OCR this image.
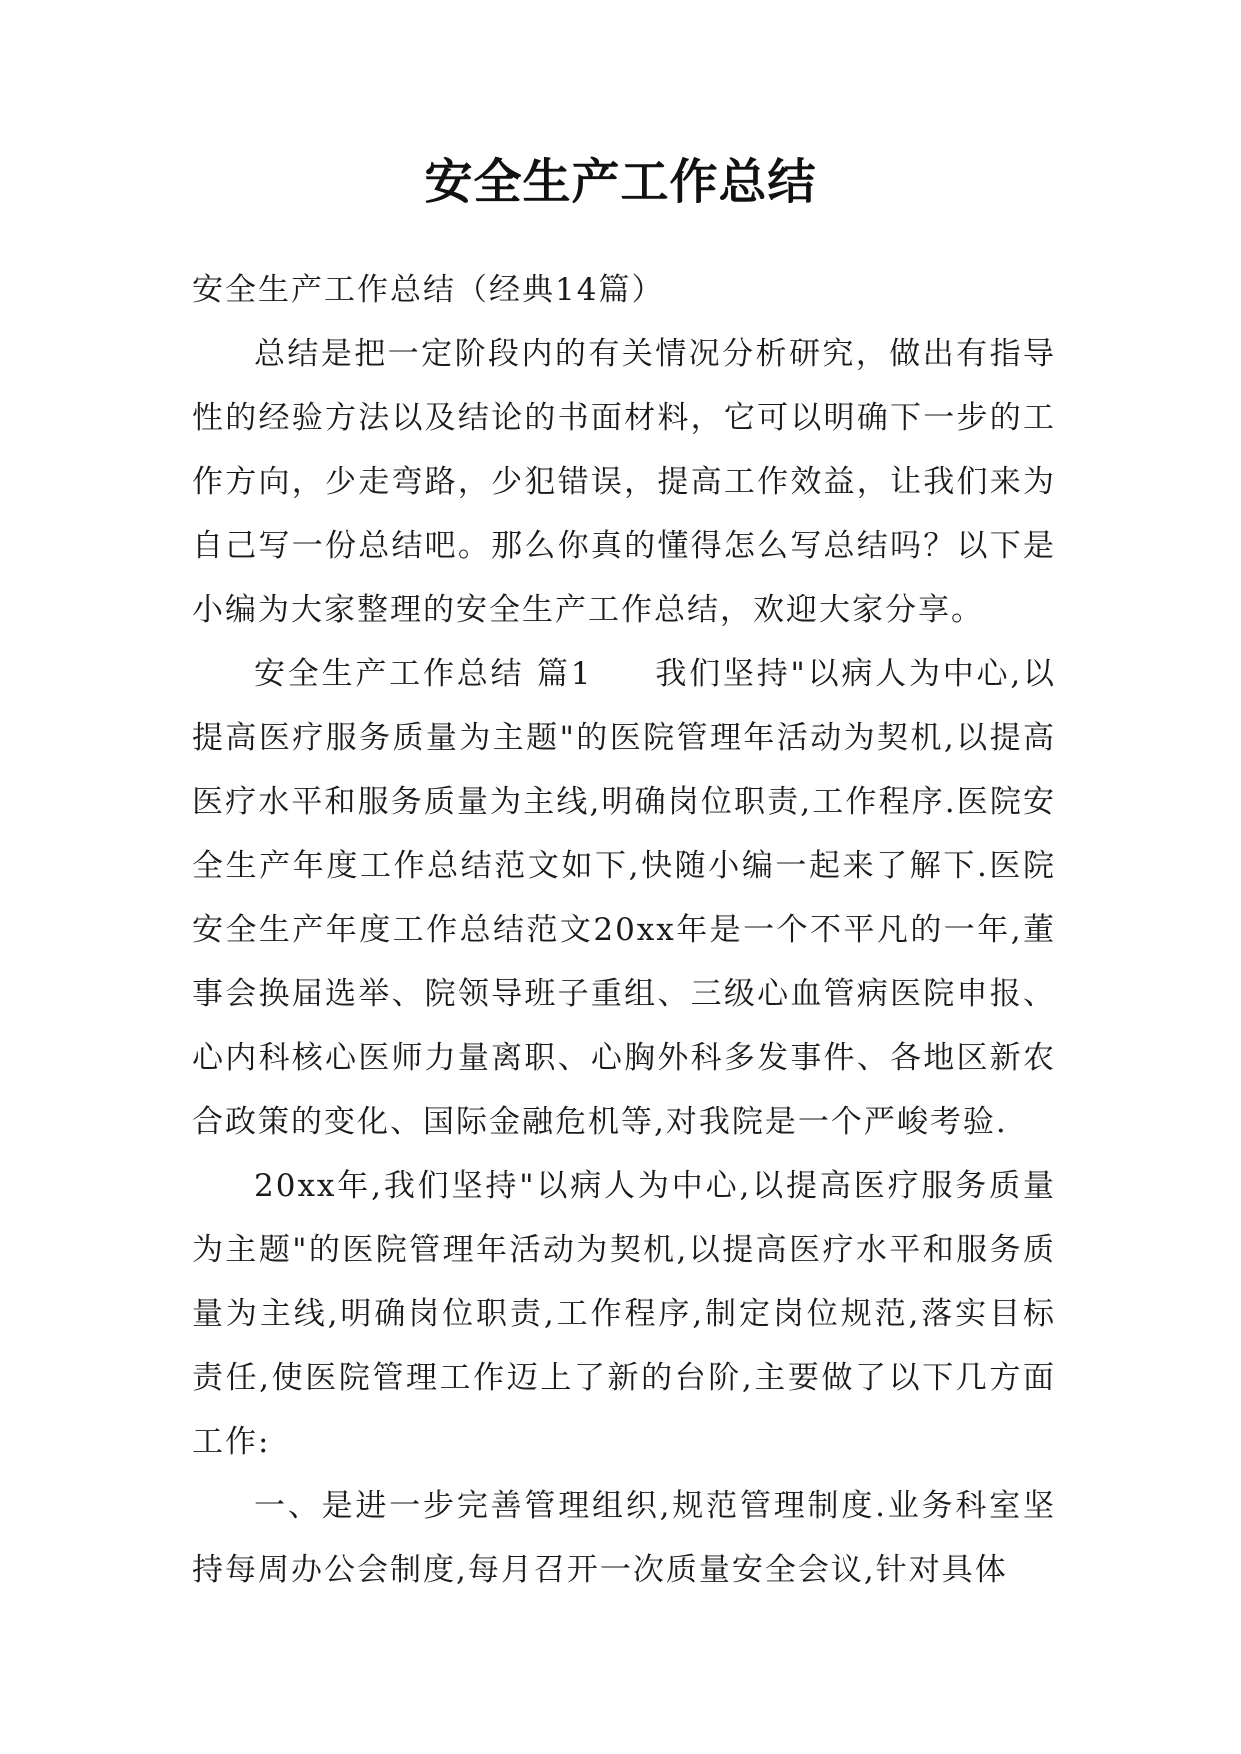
安全生产工作总结

安全生产工作总结（经典14篇）

总结是把一定阶段内的有关情况分析研究，做出有指导性的经验方法以及结论的书面材料，它可以明确下一步的工作方向，少走弯路，少犯错误，提高工作效益，让我们来为自己写一份总结吧。那么你真的懂得怎么写总结吗？以下是小编为大家整理的安全生产工作总结，欢迎大家分享。

安全生产工作总结 篇1 我们坚持"以病人为中心,以提高医疗服务质量为主题"的医院管理年活动为契机,以提高医疗水平和服务质量为主线,明确岗位职责,工作程序.医院安全生产年度工作总结范文如下,快随小编一起来了解下.医院安全生产年度工作总结范文20xx年是一个不平凡的一年,董事会换届选举、院领导班子重组、三级心血管病医院申报、心内科核心医师力量离职、心胸外科多发事件、各地区新农合政策的变化、国际金融危机等,对我院是一个严峻考验.

20xx年,我们坚持"以病人为中心,以提高医疗服务质量为主题"的医院管理年活动为契机,以提高医疗水平和服务质量为主线,明确岗位职责,工作程序,制定岗位规范,落实目标责任,使医院管理工作迈上了新的台阶,主要做了以下几方面工作:

一、是进一步完善管理组织,规范管理制度.业务科室坚持每周办公会制度,每月召开一次质量安全会议,针对具体
